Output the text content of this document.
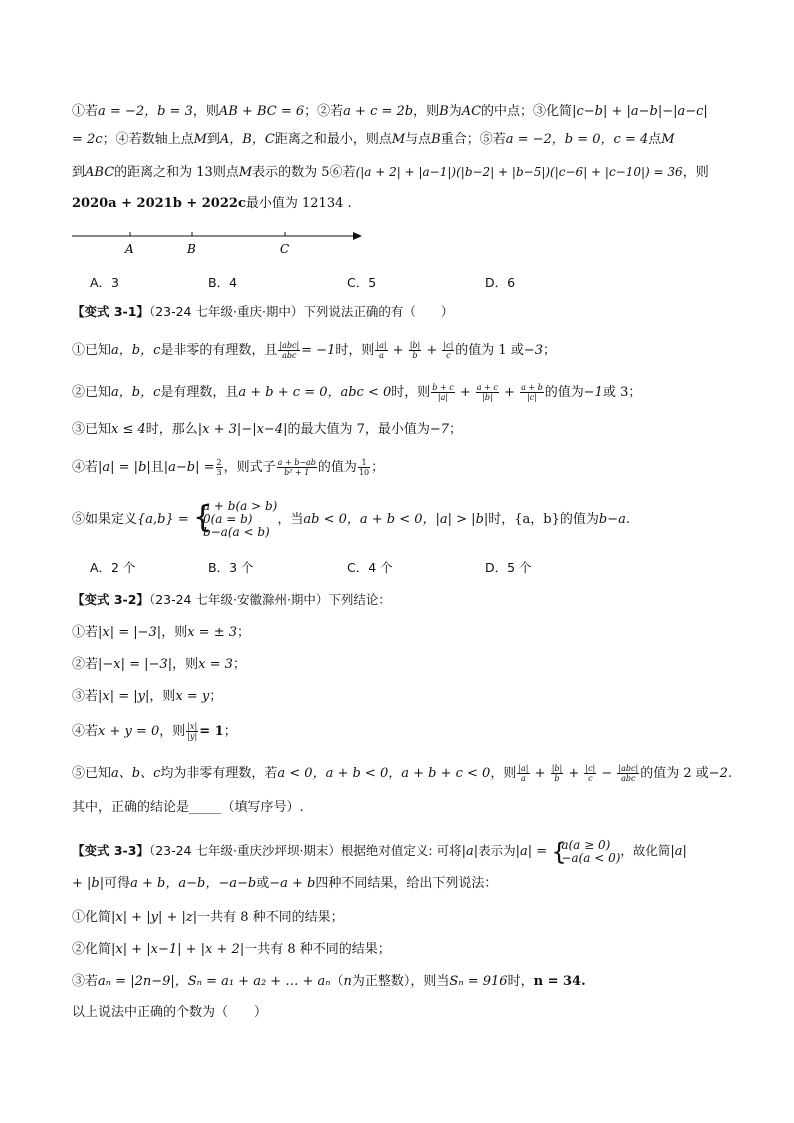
①若a = −2，b = 3，则AB + BC = 6；②若a + c = 2b，则B为AC的中点；③化简|c−b| + |a−b|−|a−c|
= 2c；④若数轴上点M到A，B，C距离之和最小，则点M与点B重合；⑤若a = −2，b = 0，c = 4点M
到ABC的距离之和为 13则点M表示的数为 5⑥若(|a + 2| + |a−1|)(|b−2| + |b−5|)(|c−6| + |c−10|) = 36，则
2020a + 2021b + 2022c最小值为 12134 .
A	B	C
A．3	B．4	C．5	D．6
【变式 3-1】（23-24 七年级·重庆·期中）下列说法正确的有（　　）
①已知a，b，c是非零的有理数，且 $\frac{\text{|abc|}}{\text{abc}} = -1$时，则 $\frac{|a|}{a} + \frac{|b|}{b} + \frac{|c|}{c}$ 的值为 1 或−3；
②已知a，b，c是有理数，且a + b + c = 0，abc < 0时，则 $\frac{b + c}{|a|} + \frac{a + c}{|b|} + \frac{a + b}{|c|}$ 的值为−1或 3；
③已知x ≤ 4时，那么|x + 3|−|x−4|的最大值为 7，最小值为−7；
④若|a| = |b|且$|a-b| = \frac{2}{3}$ ，则式子 $\frac{a + b-ab}{\text{b² + 1}}$ 的值为 $\frac{1}{10}$ ；
⑤如果定义{a,b} = {
a + b(a > b)
0(a = b)
b−a(a < b)
，当ab < 0，a + b < 0，|a| > |b|时，{a，b}的值为b−a.
A．2 个	B．3 个	C．4 个	D．5 个
【变式 3-2】（23-24 七年级·安徽滁州·期中）下列结论：
①若|x| = |−3|，则x = ± 3；
②若|−x| = |−3|，则x = 3；
③若|x| = |y|，则x = y；
④若x + y = 0，则 $\frac{|x|}{|y|} = 1$；
⑤已知a、b、c均为非零有理数，若a < 0，a + b < 0，a + b + c < 0，则 $\frac{|a|}{a} + \frac{|b|}{b} + \frac{|c|}{c} - \frac{\text{|abc|}}{\text{abc}}$ 的值为 2 或−2.
其中，正确的结论是_____（填写序号）.
【变式 3-3】（23-24 七年级·重庆沙坪坝·期末）根据绝对值定义: 可将|a|表示为|a| = {
a(a ≥ 0)
−a(a < 0) ，故化简|a|
+ |b|可得a + b，a−b，−a−b或−a + b四种不同结果，给出下列说法：
①化简|x| + |y| + |z|一共有 8 种不同的结果；
②化简|x| + |x−1| + |x + 2|一共有 8 种不同的结果；
③若aₙ = |2n−9|，Sₙ = a₁ + a₂ + … + aₙ（n为正整数），则当Sₙ = 916时，n = 34.
以上说法中正确的个数为（　　）
